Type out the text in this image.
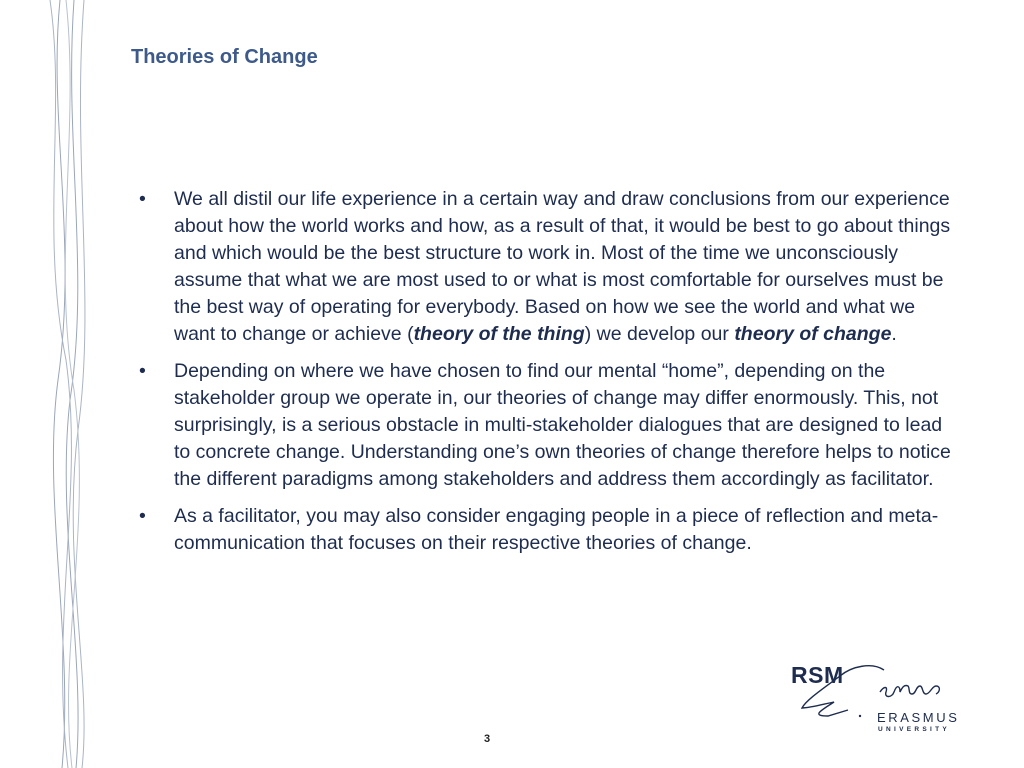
Theories of Change
• We all distil our life experience in a certain way and draw conclusions from our experience about how the world works and how, as a result of that, it would be best to go about things and which would be the best structure to work in. Most of the time we unconsciously assume that what we are most used to or what is most comfortable for ourselves must be the best way of operating for everybody. Based on how we see the world and what we want to change or achieve (theory of the thing) we develop our theory of change.
• Depending on where we have chosen to find our mental “home”, depending on the stakeholder group we operate in, our theories of change may differ enormously. This, not surprisingly, is a serious obstacle in multi-stakeholder dialogues that are designed to lead to concrete change. Understanding one’s own theories of change therefore helps to notice the different paradigms among stakeholders and address them accordingly as facilitator.
• As a facilitator, you may also consider engaging people in a piece of reflection and meta-communication that focuses on their respective theories of change.
RSM
ERASMUS
UNIVERSITY
3
